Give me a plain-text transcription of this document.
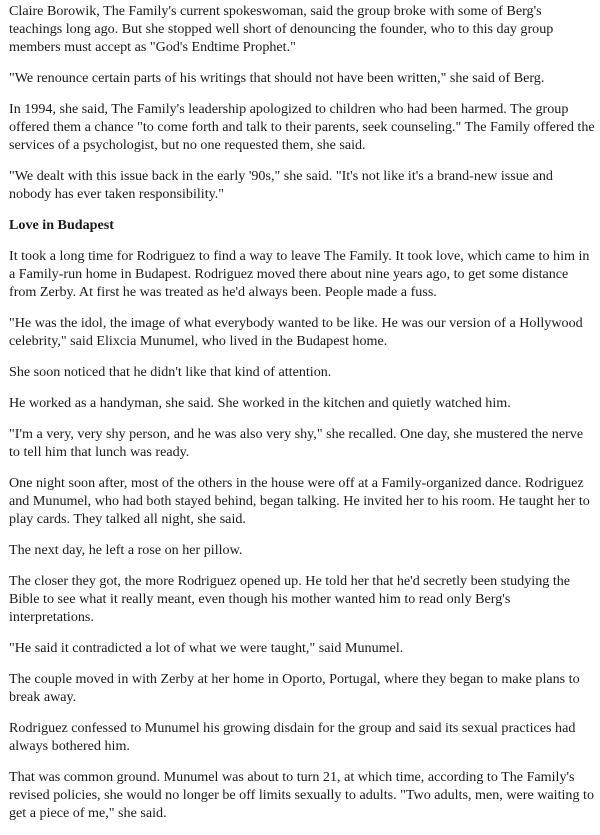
Claire Borowik, The Family's current spokeswoman, said the group broke with some of Berg's teachings long ago. But she stopped well short of denouncing the founder, who to this day group members must accept as "God's Endtime Prophet."

"We renounce certain parts of his writings that should not have been written," she said of Berg.

In 1994, she said, The Family's leadership apologized to children who had been harmed. The group offered them a chance "to come forth and talk to their parents, seek counseling." The Family offered the services of a psychologist, but no one requested them, she said.

"We dealt with this issue back in the early '90s," she said. "It's not like it's a brand-new issue and nobody has ever taken responsibility."

Love in Budapest

It took a long time for Rodriguez to find a way to leave The Family. It took love, which came to him in a Family-run home in Budapest. Rodriguez moved there about nine years ago, to get some distance from Zerby. At first he was treated as he'd always been. People made a fuss.

"He was the idol, the image of what everybody wanted to be like. He was our version of a Hollywood celebrity," said Elixcia Munumel, who lived in the Budapest home.

She soon noticed that he didn't like that kind of attention.

He worked as a handyman, she said. She worked in the kitchen and quietly watched him.

"I'm a very, very shy person, and he was also very shy," she recalled. One day, she mustered the nerve to tell him that lunch was ready.

One night soon after, most of the others in the house were off at a Family-organized dance. Rodriguez and Munumel, who had both stayed behind, began talking. He invited her to his room. He taught her to play cards. They talked all night, she said.

The next day, he left a rose on her pillow.

The closer they got, the more Rodriguez opened up. He told her that he'd secretly been studying the Bible to see what it really meant, even though his mother wanted him to read only Berg's interpretations.

"He said it contradicted a lot of what we were taught," said Munumel.

The couple moved in with Zerby at her home in Oporto, Portugal, where they began to make plans to break away.

Rodriguez confessed to Munumel his growing disdain for the group and said its sexual practices had always bothered him.

That was common ground. Munumel was about to turn 21, at which time, according to The Family's revised policies, she would no longer be off limits sexually to adults. "Two adults, men, were waiting to get a piece of me," she said.
